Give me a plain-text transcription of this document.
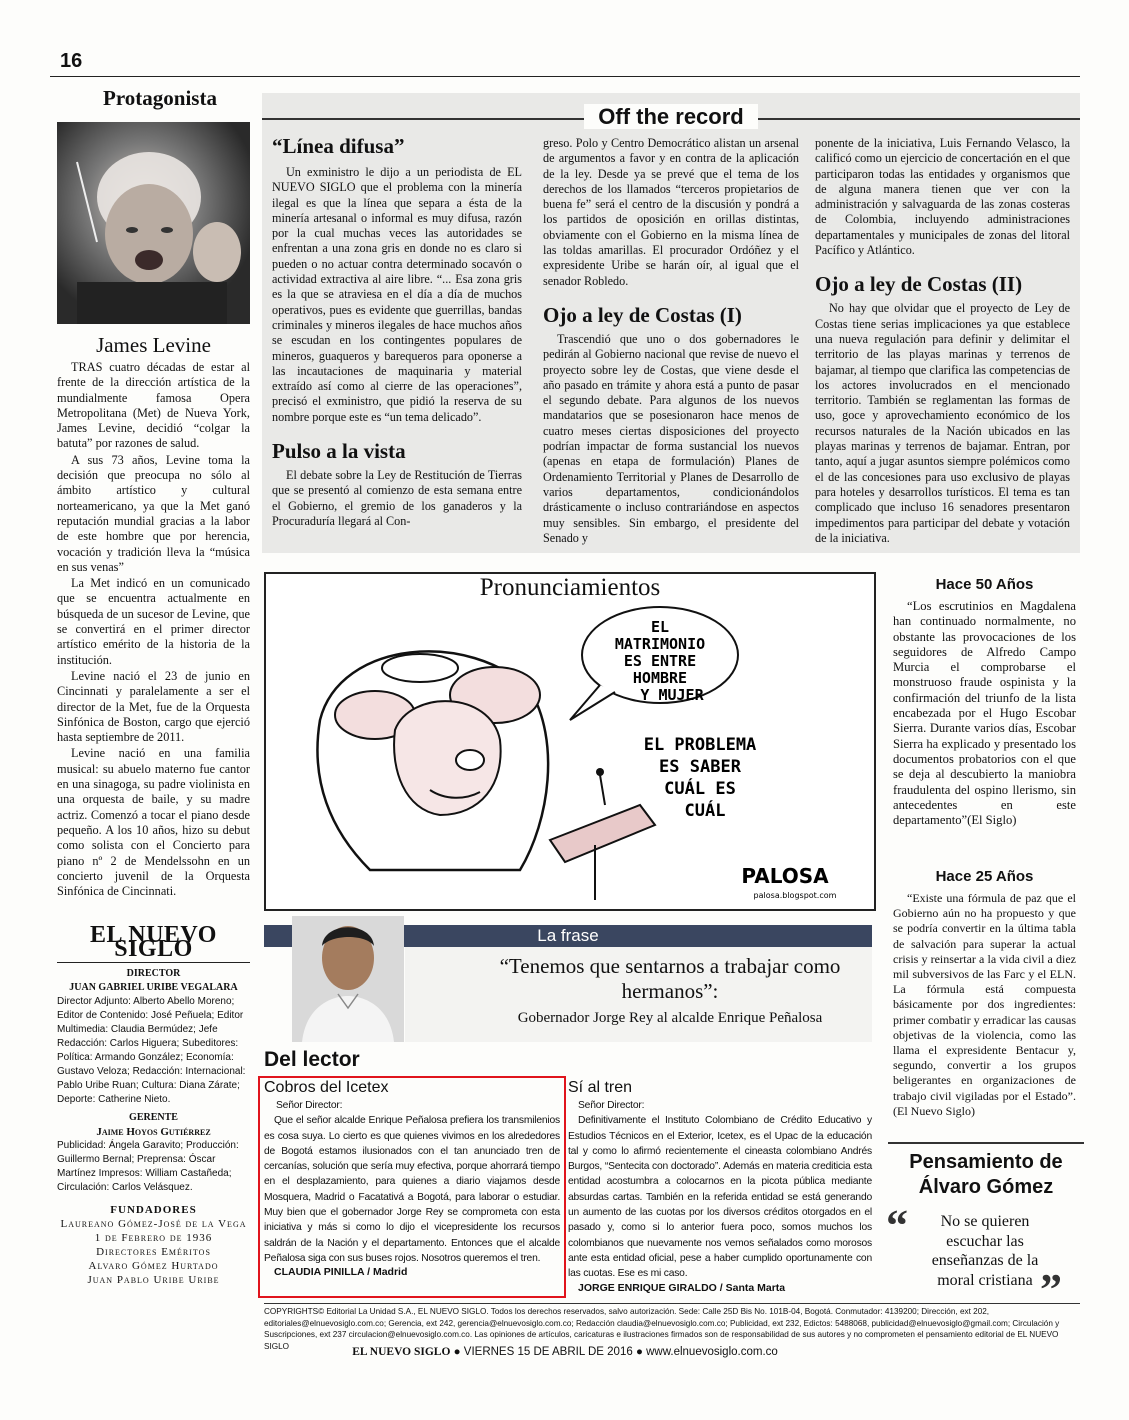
16
Protagonista
James Levine

TRAS cuatro décadas de estar al frente de la dirección artística de la mundialmente famosa Opera Metropolitana (Met) de Nueva York, James Levine, decidió “colgar la batuta” por razones de salud.

A sus 73 años, Levine toma la decisión que preocupa no sólo al ámbito artístico y cultural norteamericano, ya que la Met ganó reputación mundial gracias a la labor de este hombre que por herencia, vocación y tradición lleva la “música en sus venas”

La Met indicó en un comunicado que se encuentra actualmente en búsqueda de un sucesor de Levine, que se convertirá en el primer director artístico emérito de la historia de la institución.

Levine nació el 23 de junio en Cincinnati y paralelamente a ser el director de la Met, fue de la Orquesta Sinfónica de Boston, cargo que ejerció hasta septiembre de 2011.

Levine nació en una familia musical: su abuelo materno fue cantor en una sinagoga, su padre violinista en una orquesta de baile, y su madre actriz. Comenzó a tocar el piano desde pequeño. A los 10 años, hizo su debut como solista con el Concierto para piano nº 2 de Mendelssohn en un concierto juvenil de la Orquesta Sinfónica de Cincinnati.

EL NUEVO SIGLO
DIRECTOR
JUAN GABRIEL URIBE VEGALARA
Director Adjunto: Alberto Abello Moreno; Editor de Contenido: José Peñuela; Editor Multimedia: Claudia Bermúdez; Jefe Redacción: Carlos Higuera; Subeditores: Política: Armando González; Economía: Gustavo Veloza; Redacción: Internacional: Pablo Uribe Ruan; Cultura: Diana Zárate; Deporte: Catherine Nieto.
GERENTE
Jaime Hoyos Gutiérrez
Publicidad: Ángela Garavito; Producción: Guillermo Bernal; Preprensa: Óscar Martínez Impresos: William Castañeda; Circulación: Carlos Velásquez.
FUNDADORES
Laureano Gómez-José de la Vega
1 de Febrero de 1936
Directores Eméritos
Alvaro Gómez Hurtado
Juan Pablo Uribe Uribe
Off the record
“Línea difusa”

Un exministro le dijo a un periodista de EL NUEVO SIGLO que el problema con la minería ilegal es que la línea que separa a ésta de la minería artesanal o informal es muy difusa, razón por la cual muchas veces las autoridades se enfrentan a una zona gris en donde no es claro si pueden o no actuar contra determinado socavón o actividad extractiva al aire libre. “... Esa zona gris es la que se atraviesa en el día a día de muchos operativos, pues es evidente que guerrillas, bandas criminales y mineros ilegales de hace muchos años se escudan en los contingentes populares de mineros, guaqueros y barequeros para oponerse a las incautaciones de maquinaria y material extraído así como al cierre de las operaciones”, precisó el exministro, que pidió la reserva de su nombre porque este es “un tema delicado”.

Pulso a la vista

El debate sobre la Ley de Restitución de Tierras que se presentó al comienzo de esta semana entre el Gobierno, el gremio de los ganaderos y la Procuraduría llegará al Con-

greso. Polo y Centro Democrático alistan un arsenal de argumentos a favor y en contra de la aplicación de la ley. Desde ya se prevé que el tema de los derechos de los llamados “terceros propietarios de buena fe” será el centro de la discusión y pondrá a los partidos de oposición en orillas distintas, obviamente con el Gobierno en la misma línea de las toldas amarillas. El procurador Ordóñez y el expresidente Uribe se harán oír, al igual que el senador Robledo.

Ojo a ley de Costas (I)

Trascendió que uno o dos gobernadores le pedirán al Gobierno nacional que revise de nuevo el proyecto sobre ley de Costas, que viene desde el año pasado en trámite y ahora está a punto de pasar el segundo debate. Para algunos de los nuevos mandatarios que se posesionaron hace menos de cuatro meses ciertas disposiciones del proyecto podrían impactar de forma sustancial los nuevos (apenas en etapa de formulación) Planes de Ordenamiento Territorial y Planes de Desarrollo de varios departamentos, condicionándolos drásticamente o incluso contrariándose en aspectos muy sensibles. Sin embargo, el presidente del Senado y

ponente de la iniciativa, Luis Fernando Velasco, la calificó como un ejercicio de concertación en el que participaron todas las entidades y organismos que de alguna manera tienen que ver con la administración y salvaguarda de las zonas costeras de Colombia, incluyendo administraciones departamentales y municipales de zonas del litoral Pacífico y Atlántico.

Ojo a ley de Costas (II)

No hay que olvidar que el proyecto de Ley de Costas tiene serias implicaciones ya que establece una nueva regulación para definir y delimitar el territorio de las playas marinas y terrenos de bajamar, al tiempo que clarifica las competencias de los actores involucrados en el mencionado territorio. También se reglamentan las formas de uso, goce y aprovechamiento económico de los recursos naturales de la Nación ubicados en las playas marinas y terrenos de bajamar. Entran, por tanto, aquí a jugar asuntos siempre polémicos como el de las concesiones para uso exclusivo de playas para hoteles y desarrollos turísticos. El tema es tan complicado que incluso 16 senadores presentaron impedimentos para participar del debate y votación de la iniciativa.

Pronunciamientos
EL
MATRIMONIO
ES ENTRE
HOMBRE
Y MUJER
EL PROBLEMA
ES SABER
CUÁL ES
CUÁL
PALOSA
palosa.blogspot.com
Hace 50 Años

“Los escrutinios en Magdalena han continuado normalmente, no obstante las provocaciones de los seguidores de Alfredo Campo Murcia el comprobarse el monstruoso fraude ospinista y la confirmación del triunfo de la lista encabezada por el Hugo Escobar Sierra. Durante varios días, Escobar Sierra ha explicado y presentado los documentos probatorios con el que se deja al descubierto la maniobra fraudulenta del ospino llerismo, sin antecedentes en este departamento”(El Siglo)

Hace 25 Años

“Existe una fórmula de paz que el Gobierno aún no ha propuesto y que se podría convertir en la última tabla de salvación para superar la actual crisis y reinsertar a la vida civil a diez mil subversivos de las Farc y el ELN. La fórmula está compuesta básicamente por dos ingredientes: primer combatir y erradicar las causas objetivas de la violencia, como las llama el expresidente Bentacur y, segundo, convertir a los grupos beligerantes en organizaciones de trabajo civil vigiladas por el Estado”.(El Nuevo Siglo)

La frase
“Tenemos que sentarnos a trabajar como hermanos”:
Gobernador Jorge Rey al alcalde Enrique Peñalosa
Del lector
Cobros del Icetex
Señor Director:

Que el señor alcalde Enrique Peñalosa prefiera los transmilenios es cosa suya. Lo cierto es que quienes vivimos en los alrededores de Bogotá estamos ilusionados con el tan anunciado tren de cercanías, solución que sería muy efectiva, porque ahorrará tiempo en el desplazamiento, para quienes a diario viajamos desde Mosquera, Madrid o Facatativá a Bogotá, para laborar o estudiar. Muy bien que el gobernador Jorge Rey se comprometa con esta iniciativa y más si como lo dijo el vicepresidente los recursos saldrán de la Nación y el departamento. Entonces que el alcalde Peñalosa siga con sus buses rojos. Nosotros queremos el tren.

CLAUDIA PINILLA / Madrid
Sí al tren
Señor Director:

Definitivamente el Instituto Colombiano de Crédito Educativo y Estudios Técnicos en el Exterior, Icetex, es el Upac de la educación tal y como lo afirmó recientemente el cineasta colombiano Andrés Burgos, “Sentecita con doctorado”. Además en materia crediticia esta entidad acostumbra a colocarnos en la picota pública mediante absurdas cartas. También en la referida entidad se está generando un aumento de las cuotas por los diversos créditos otorgados en el pasado y, como si lo anterior fuera poco, somos muchos los colombianos que nuevamente nos vemos señalados como morosos ante esta entidad oficial, pese a haber cumplido oportunamente con las cuotas. Ese es mi caso.

JORGE ENRIQUE GIRALDO / Santa Marta
Pensamiento de Álvaro Gómez
“	No se quieren escuchar las enseñanzas de la moral cristiana ”
COPYRIGHTS© Editorial La Unidad S.A., EL NUEVO SIGLO. Todos los derechos reservados, salvo autorización. Sede: Calle 25D Bis No. 101B-04, Bogotá. Conmutador: 4139200; Dirección, ext 202, editoriales@elnuevosiglo.com.co; Gerencia, ext 242, gerencia@elnuevosiglo.com.co; Redacción claudia@elnuevosiglo.com.co; Publicidad, ext 232, Edictos: 5488068, publicidad@elnuevosiglo@gmail.com; Circulación y Suscripciones, ext 237 circulacion@elnuevosiglo.com.co. Las opiniones de artículos, caricaturas e ilustraciones firmados son de responsabilidad de sus autores y no comprometen el pensamiento editorial de EL NUEVO SIGLO	EL NUEVO SIGLO ● VIERNES 15 DE ABRIL DE 2016 ● www.elnuevosiglo.com.co
